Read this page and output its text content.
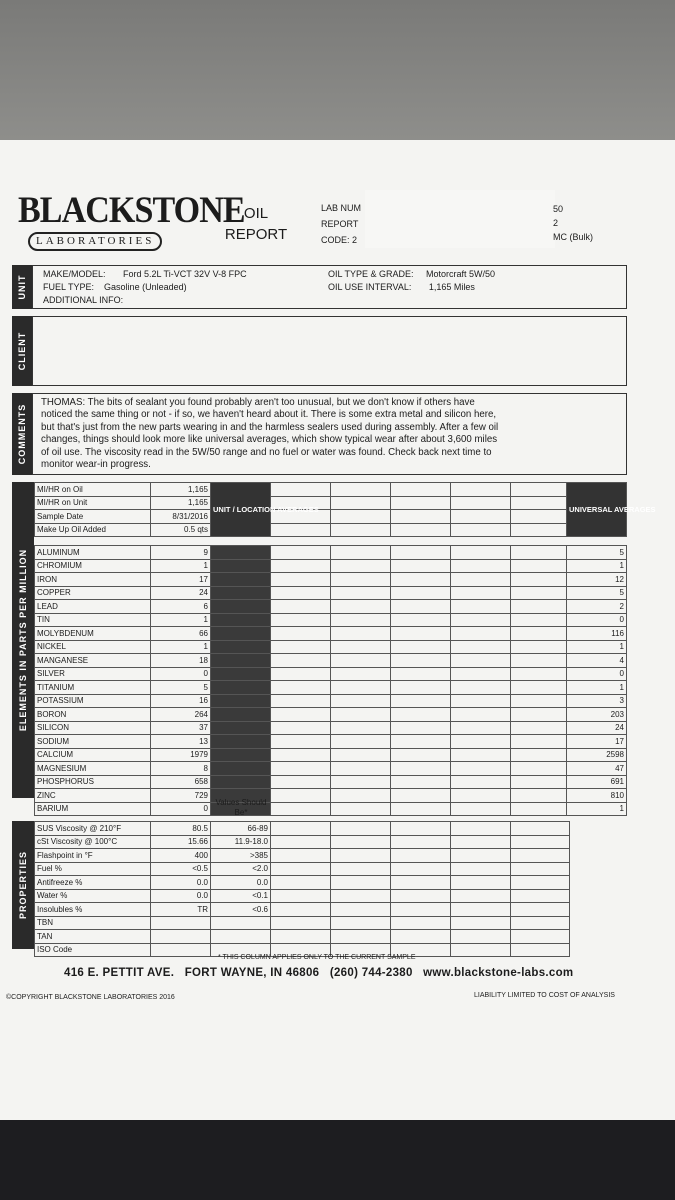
BLACKSTONE
LABORATORIES
OIL
REPORT
LAB NUM
REPORT
CODE: 2
50
2
MC (Bulk)
UNIT
MAKE/MODEL: Ford 5.2L Ti-VCT 32V V-8 FPC
FUEL TYPE: Gasoline (Unleaded)
ADDITIONAL INFO:
OIL TYPE & GRADE: Motorcraft 5W/50
OIL USE INTERVAL: 1,165 Miles
CLIENT
COMMENTS
THOMAS: The bits of sealant you found probably aren't too unusual, but we don't know if others have
noticed the same thing or not - if so, we haven't heard about it. There is some extra metal and silicon here,
but that's just from the new parts wearing in and the harmless sealers used during assembly. After a few oil
changes, things should look more like universal averages, which show typical wear after about 3,600 miles
of oil use. The viscosity read in the 5W/50 range and no fuel or water was found. Check back next time to
monitor wear-in progress.
ELEMENTS IN PARTS PER MILLION
MI/HR on Oil	1,165	UNIT / LOCATION AVERAGES						UNIVERSAL AVERAGES
MI/HR on Unit	1,165							
Sample Date	8/31/2016							
Make Up Oil Added	0.5 qts							
ALUMINUM	9							5
CHROMIUM	1							1
IRON	17							12
COPPER	24							5
LEAD	6							2
TIN	1							0
MOLYBDENUM	66							116
NICKEL	1							1
MANGANESE	18							4
SILVER	0							0
TITANIUM	5							1
POTASSIUM	16							3
BORON	264							203
SILICON	37							24
SODIUM	13							17
CALCIUM	1979							2598
MAGNESIUM	8							47
PHOSPHORUS	658							691
ZINC	729							810
BARIUM	0							1
Values Should Be*
PROPERTIES
SUS Viscosity @ 210°F	80.5	66-89					
cSt Viscosity @ 100°C	15.66	11.9-18.0					
Flashpoint in °F	400	>385					
Fuel %	<0.5	<2.0					
Antifreeze %	0.0	0.0					
Water %	0.0	<0.1					
Insolubles %	TR	<0.6					
TBN							
TAN							
ISO Code							
* THIS COLUMN APPLIES ONLY TO THE CURRENT SAMPLE
416 E. PETTIT AVE.   FORT WAYNE, IN 46806   (260) 744-2380   www.blackstone-labs.com
©COPYRIGHT BLACKSTONE LABORATORIES 2016	LIABILITY LIMITED TO COST OF ANALYSIS
